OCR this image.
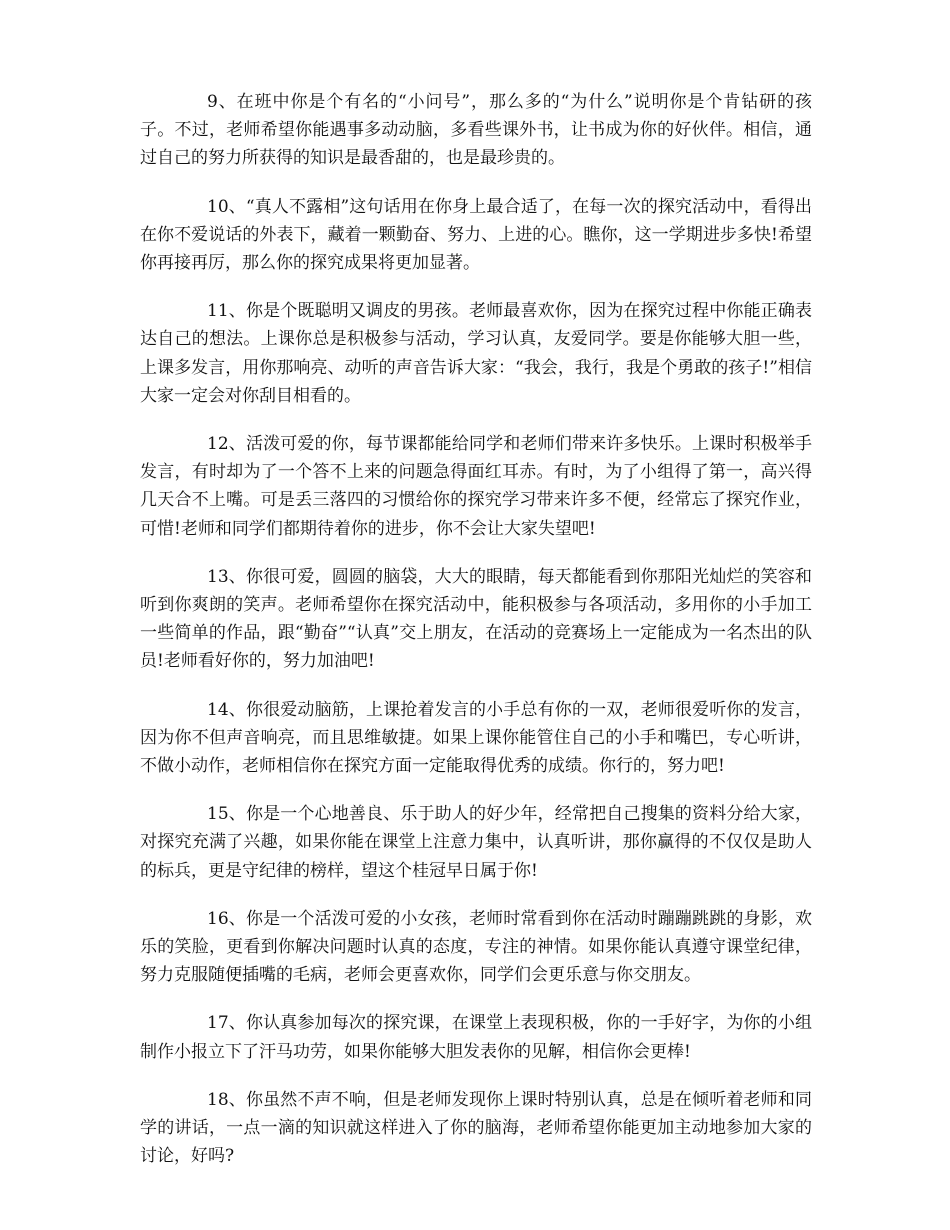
9、在班中你是个有名的“小问号”，那么多的“为什么”说明你是个肯钻研的孩子。不过，老师希望你能遇事多动动脑，多看些课外书，让书成为你的好伙伴。相信，通过自己的努力所获得的知识是最香甜的，也是最珍贵的。

10、“真人不露相”这句话用在你身上最合适了，在每一次的探究活动中，看得出在你不爱说话的外表下，藏着一颗勤奋、努力、上进的心。瞧你，这一学期进步多快!希望你再接再厉，那么你的探究成果将更加显著。

11、你是个既聪明又调皮的男孩。老师最喜欢你，因为在探究过程中你能正确表达自己的想法。上课你总是积极参与活动，学习认真，友爱同学。要是你能够大胆一些，上课多发言，用你那响亮、动听的声音告诉大家：“我会，我行，我是个勇敢的孩子!”相信大家一定会对你刮目相看的。

12、活泼可爱的你，每节课都能给同学和老师们带来许多快乐。上课时积极举手发言，有时却为了一个答不上来的问题急得面红耳赤。有时，为了小组得了第一，高兴得几天合不上嘴。可是丢三落四的习惯给你的探究学习带来许多不便，经常忘了探究作业，可惜!老师和同学们都期待着你的进步，你不会让大家失望吧!

13、你很可爱，圆圆的脑袋，大大的眼睛，每天都能看到你那阳光灿烂的笑容和听到你爽朗的笑声。老师希望你在探究活动中，能积极参与各项活动，多用你的小手加工一些简单的作品，跟“勤奋”“认真”交上朋友，在活动的竞赛场上一定能成为一名杰出的队员!老师看好你的，努力加油吧!

14、你很爱动脑筋，上课抢着发言的小手总有你的一双，老师很爱听你的发言，因为你不但声音响亮，而且思维敏捷。如果上课你能管住自己的小手和嘴巴，专心听讲，不做小动作，老师相信你在探究方面一定能取得优秀的成绩。你行的，努力吧!

15、你是一个心地善良、乐于助人的好少年，经常把自己搜集的资料分给大家，对探究充满了兴趣，如果你能在课堂上注意力集中，认真听讲，那你赢得的不仅仅是助人的标兵，更是守纪律的榜样，望这个桂冠早日属于你!

16、你是一个活泼可爱的小女孩，老师时常看到你在活动时蹦蹦跳跳的身影，欢乐的笑脸，更看到你解决问题时认真的态度，专注的神情。如果你能认真遵守课堂纪律，努力克服随便插嘴的毛病，老师会更喜欢你，同学们会更乐意与你交朋友。

17、你认真参加每次的探究课，在课堂上表现积极，你的一手好字，为你的小组制作小报立下了汗马功劳，如果你能够大胆发表你的见解，相信你会更棒!

18、你虽然不声不响，但是老师发现你上课时特别认真，总是在倾听着老师和同学的讲话，一点一滴的知识就这样进入了你的脑海，老师希望你能更加主动地参加大家的讨论，好吗?
